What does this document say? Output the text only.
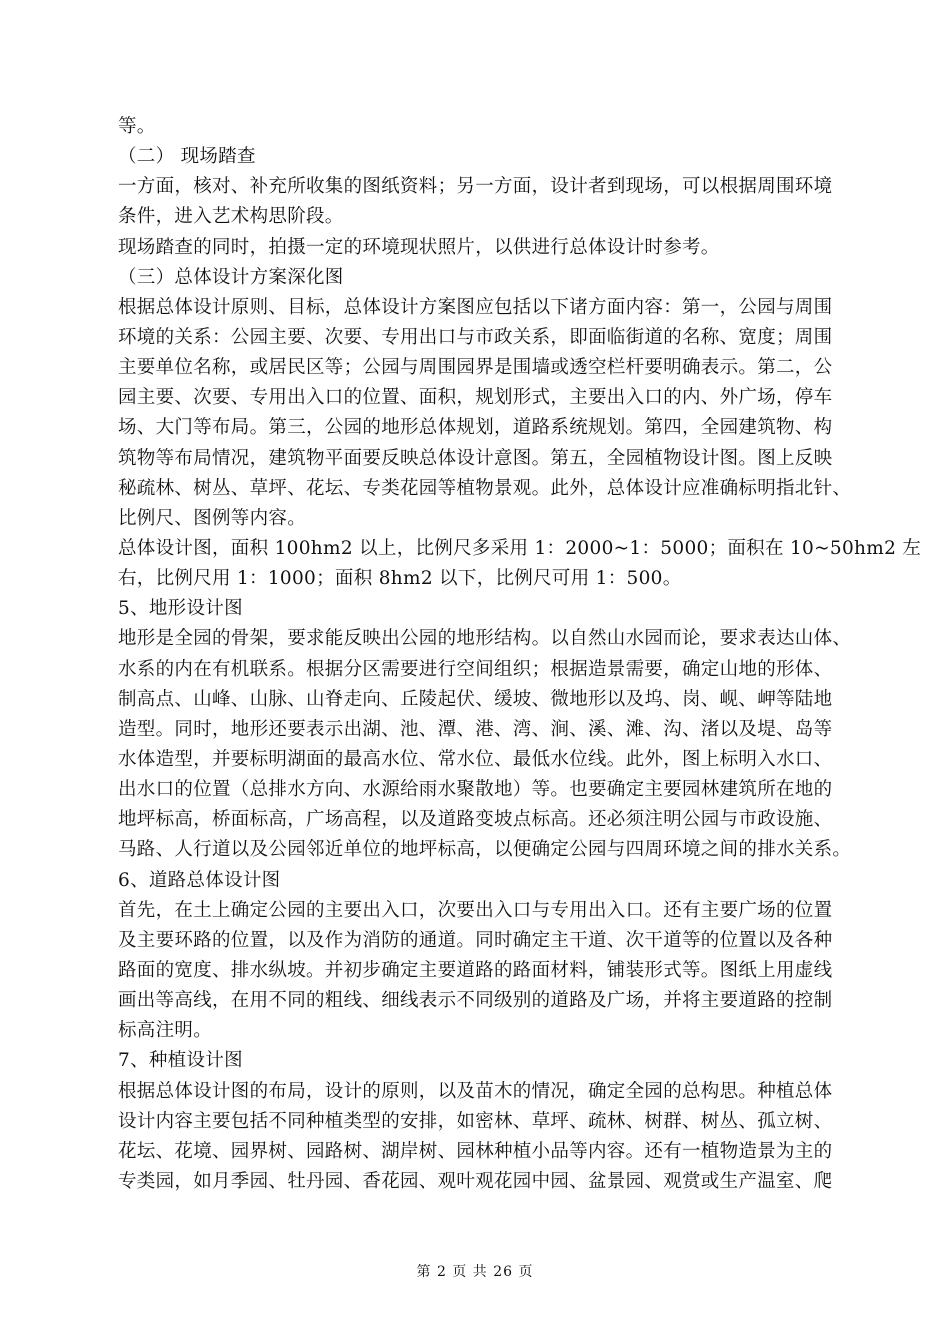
等。
（二） 现场踏查
一方面，核对、补充所收集的图纸资料；另一方面，设计者到现场，可以根据周围环境
条件，进入艺术构思阶段。
现场踏查的同时，拍摄一定的环境现状照片，以供进行总体设计时参考。
（三）总体设计方案深化图
根据总体设计原则、目标，总体设计方案图应包括以下诸方面内容：第一，公园与周围
环境的关系：公园主要、次要、专用出口与市政关系，即面临街道的名称、宽度；周围
主要单位名称，或居民区等；公园与周围园界是围墙或透空栏杆要明确表示。第二，公
园主要、次要、专用出入口的位置、面积，规划形式，主要出入口的内、外广场，停车
场、大门等布局。第三，公园的地形总体规划，道路系统规划。第四，全园建筑物、构
筑物等布局情况，建筑物平面要反映总体设计意图。第五，全园植物设计图。图上反映
秘疏林、树丛、草坪、花坛、专类花园等植物景观。此外，总体设计应准确标明指北针、
比例尺、图例等内容。
总体设计图，面积 100hm2 以上，比例尺多采用 1：2000~1：5000；面积在 10~50hm2 左
右，比例尺用 1：1000；面积 8hm2 以下，比例尺可用 1：500。
5、地形设计图
地形是全园的骨架，要求能反映出公园的地形结构。以自然山水园而论，要求表达山体、
水系的内在有机联系。根据分区需要进行空间组织；根据造景需要，确定山地的形体、
制高点、山峰、山脉、山脊走向、丘陵起伏、缓坡、微地形以及坞、岗、岘、岬等陆地
造型。同时，地形还要表示出湖、池、潭、港、湾、涧、溪、滩、沟、渚以及堤、岛等
水体造型，并要标明湖面的最高水位、常水位、最低水位线。此外，图上标明入水口、
出水口的位置（总排水方向、水源给雨水聚散地）等。也要确定主要园林建筑所在地的
地坪标高，桥面标高，广场高程，以及道路变坡点标高。还必须注明公园与市政设施、
马路、人行道以及公园邻近单位的地坪标高，以便确定公园与四周环境之间的排水关系。
6、道路总体设计图
首先，在土上确定公园的主要出入口，次要出入口与专用出入口。还有主要广场的位置
及主要环路的位置，以及作为消防的通道。同时确定主干道、次干道等的位置以及各种
路面的宽度、排水纵坡。并初步确定主要道路的路面材料，铺装形式等。图纸上用虚线
画出等高线，在用不同的粗线、细线表示不同级别的道路及广场，并将主要道路的控制
标高注明。
7、种植设计图
根据总体设计图的布局，设计的原则，以及苗木的情况，确定全园的总构思。种植总体
设计内容主要包括不同种植类型的安排，如密林、草坪、疏林、树群、树丛、孤立树、
花坛、花境、园界树、园路树、湖岸树、园林种植小品等内容。还有一植物造景为主的
专类园，如月季园、牡丹园、香花园、观叶观花园中园、盆景园、观赏或生产温室、爬
第 2 页 共 26 页
